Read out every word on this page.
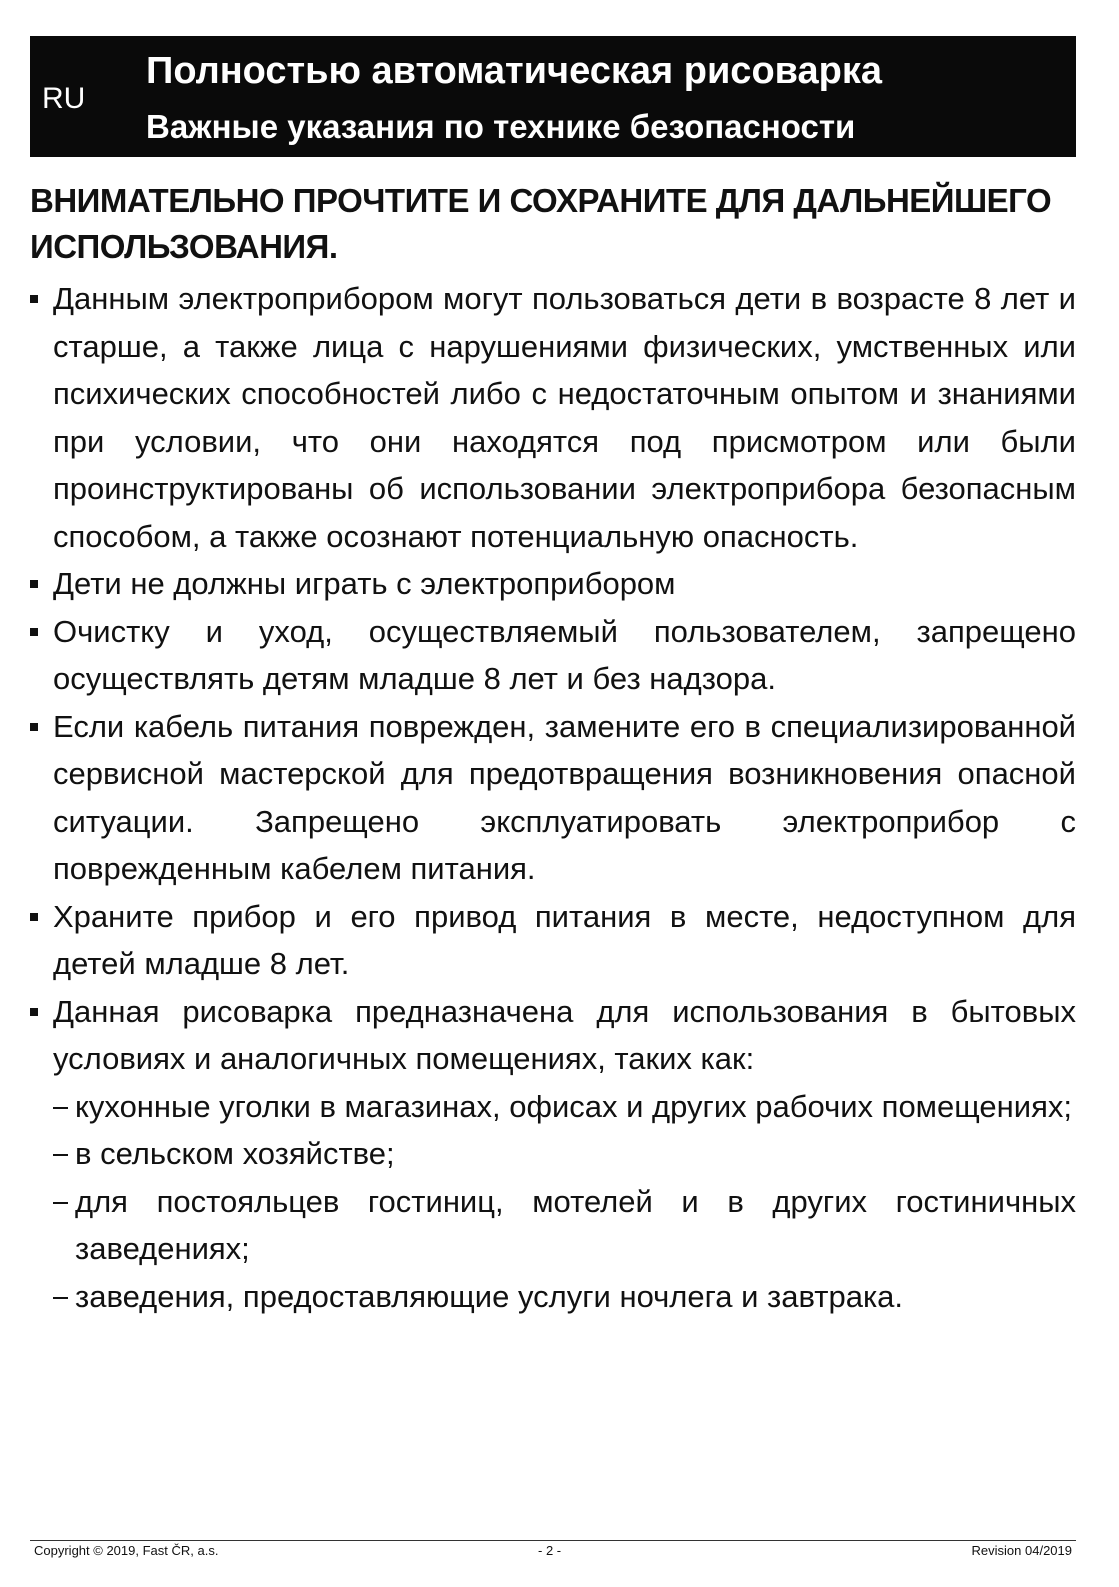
RU
Полностью автоматическая рисоварка
Важные указания по технике безопасности
ВНИМАТЕЛЬНО ПРОЧТИТЕ И СОХРАНИТЕ ДЛЯ ДАЛЬНЕЙШЕГО ИСПОЛЬЗОВАНИЯ.
Данным электроприбором могут пользоваться дети в возрасте 8 лет и старше, а также лица с нарушениями физических, умственных или психических способностей либо с недостаточным опытом и знаниями при условии, что они находятся под присмотром или были проинструктированы об использовании электроприбора безопасным способом, а также осознают потенциальную опасность.
Дети не должны играть с электроприбором
Очистку и уход, осуществляемый пользователем, запрещено осуществлять детям младше 8 лет и без надзора.
Если кабель питания поврежден, замените его в специализированной сервисной мастерской для предотвращения возникновения опасной ситуации. Запрещено эксплуатировать электроприбор с поврежденным кабелем питания.
Храните прибор и его привод питания в месте, недоступном для детей младше 8 лет.
Данная рисоварка предназначена для использования в бытовых условиях и аналогичных помещениях, таких как:
кухонные уголки в магазинах, офисах и других рабочих помещениях;
в сельском хозяйстве;
для постояльцев гостиниц, мотелей и в других гостиничных заведениях;
заведения, предоставляющие услуги ночлега и завтрака.
Copyright © 2019, Fast ČR, a.s.	- 2 -	Revision 04/2019
